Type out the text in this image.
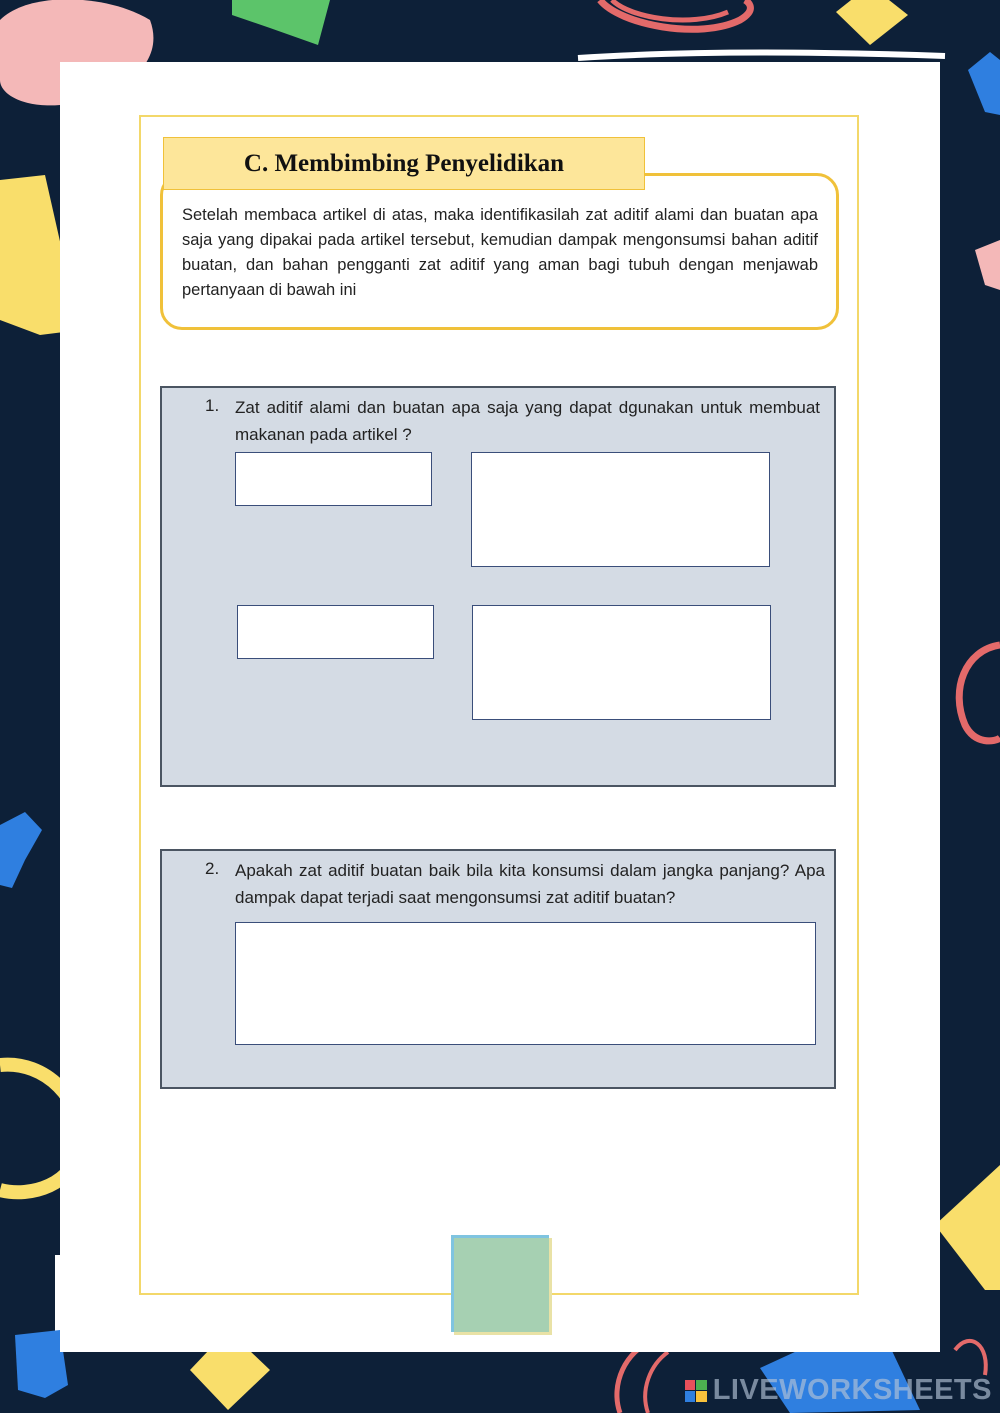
C. Membimbing Penyelidikan

Setelah membaca artikel di atas, maka identifikasilah zat aditif alami dan buatan apa saja yang dipakai pada artikel tersebut, kemudian dampak mengonsumsi bahan aditif buatan, dan bahan pengganti zat aditif yang aman bagi tubuh dengan menjawab pertanyaan di bawah ini

1. Zat aditif alami dan buatan apa saja yang dapat dgunakan untuk membuat makanan pada artikel ?

2. Apakah zat aditif buatan baik bila kita konsumsi dalam jangka panjang? Apa dampak dapat terjadi saat mengonsumsi zat aditif buatan?

LIVEWORKSHEETS
